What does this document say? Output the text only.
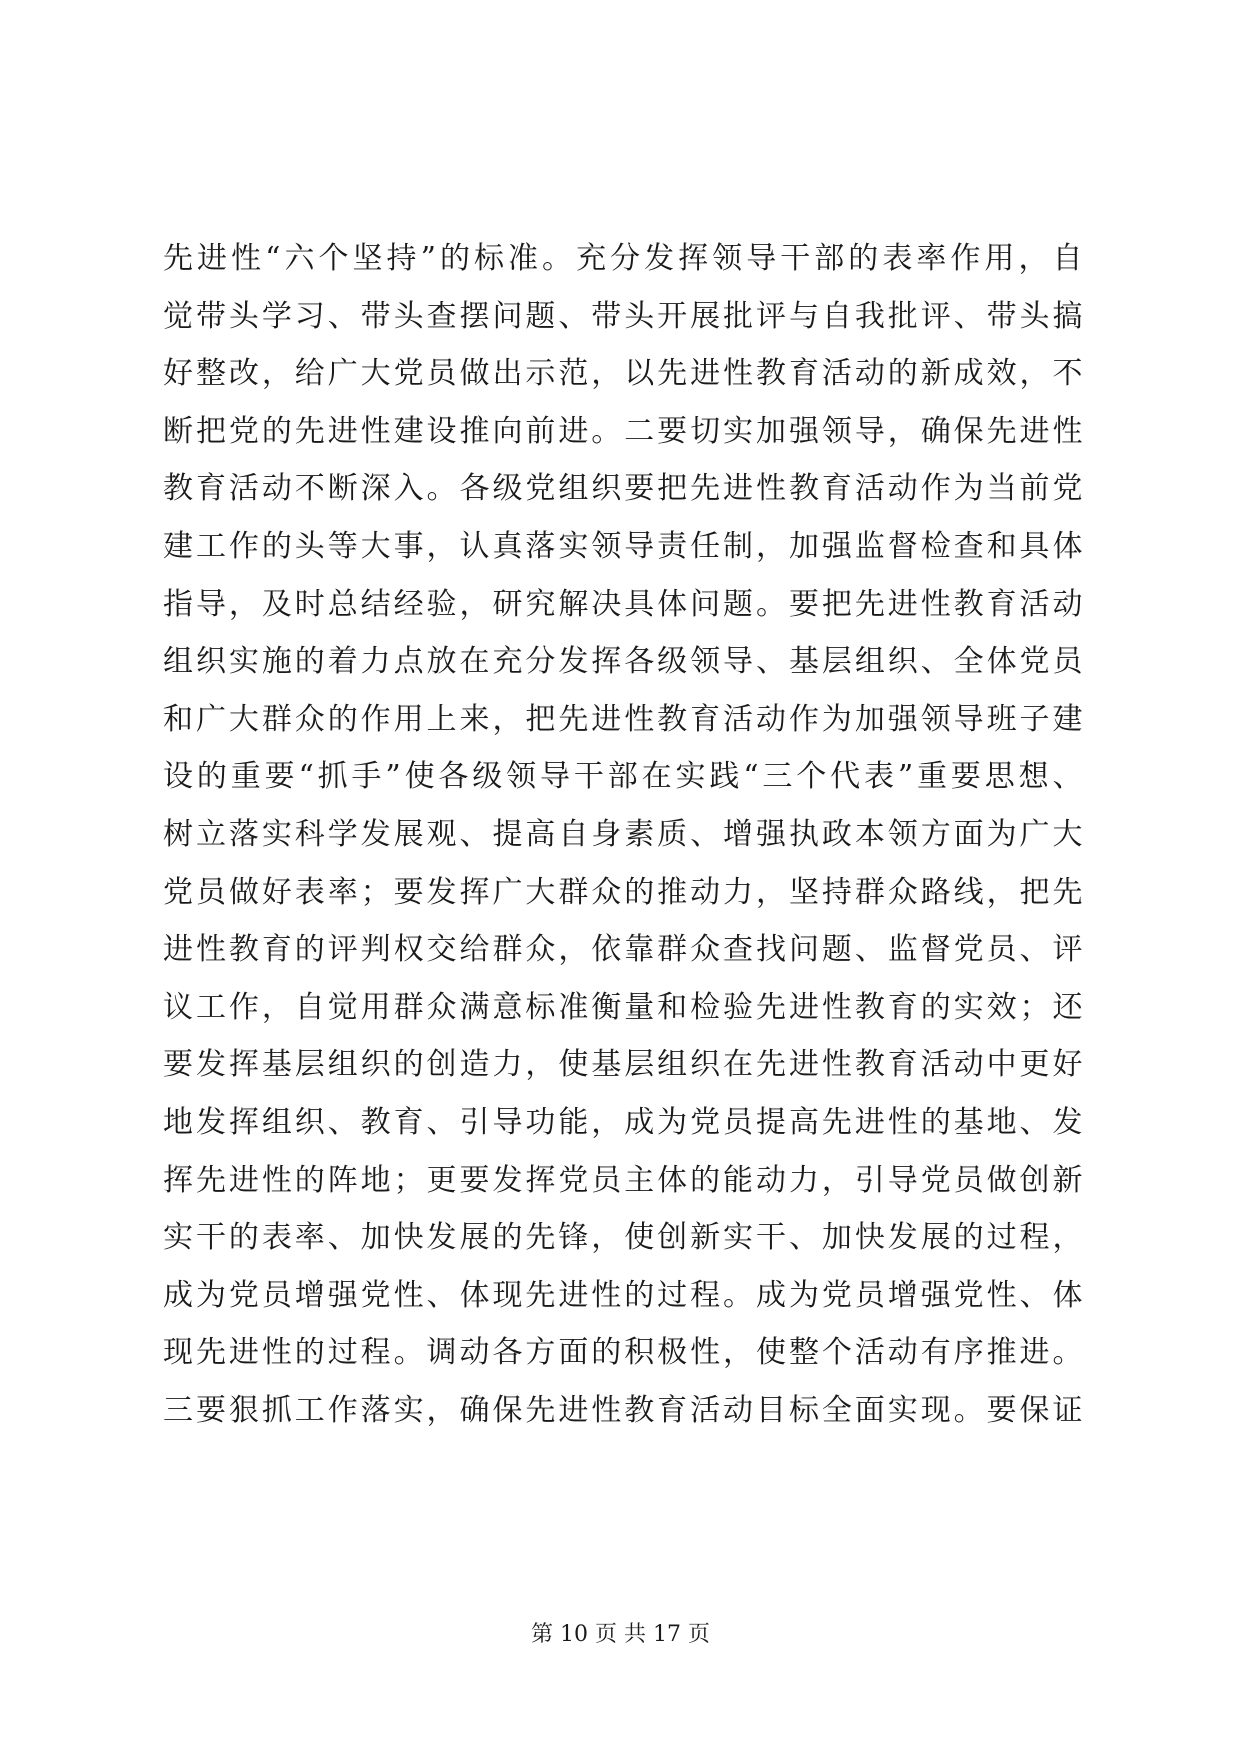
先进性“六个坚持”的标准。充分发挥领导干部的表率作用，自
觉带头学习、带头查摆问题、带头开展批评与自我批评、带头搞
好整改，给广大党员做出示范，以先进性教育活动的新成效，不
断把党的先进性建设推向前进。二要切实加强领导，确保先进性
教育活动不断深入。各级党组织要把先进性教育活动作为当前党
建工作的头等大事，认真落实领导责任制，加强监督检查和具体
指导，及时总结经验，研究解决具体问题。要把先进性教育活动
组织实施的着力点放在充分发挥各级领导、基层组织、全体党员
和广大群众的作用上来，把先进性教育活动作为加强领导班子建
设的重要“抓手”使各级领导干部在实践“三个代表”重要思想、
树立落实科学发展观、提高自身素质、增强执政本领方面为广大
党员做好表率；要发挥广大群众的推动力，坚持群众路线，把先
进性教育的评判权交给群众，依靠群众查找问题、监督党员、评
议工作，自觉用群众满意标准衡量和检验先进性教育的实效；还
要发挥基层组织的创造力，使基层组织在先进性教育活动中更好
地发挥组织、教育、引导功能，成为党员提高先进性的基地、发
挥先进性的阵地；更要发挥党员主体的能动力，引导党员做创新
实干的表率、加快发展的先锋，使创新实干、加快发展的过程，
成为党员增强党性、体现先进性的过程。成为党员增强党性、体
现先进性的过程。调动各方面的积极性，使整个活动有序推进。
三要狠抓工作落实，确保先进性教育活动目标全面实现。要保证
第 10 页 共 17 页
